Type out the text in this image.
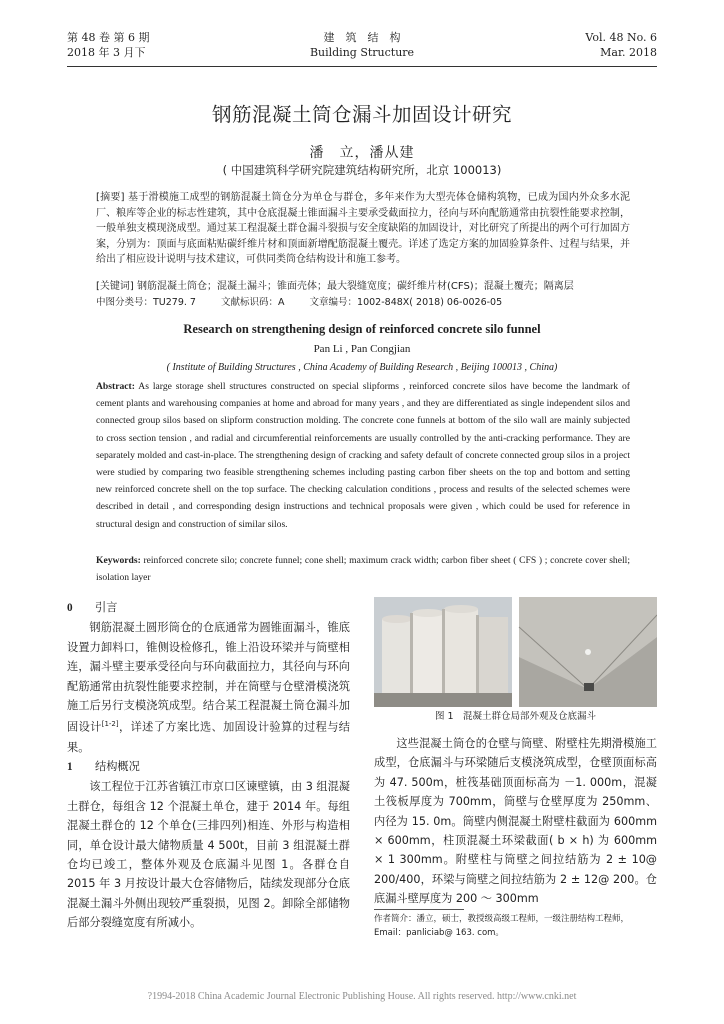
第 48 卷 第 6 期
2018 年 3 月下
建　筑　结　构
Building Structure
Vol. 48 No. 6
Mar. 2018
钢筋混凝土筒仓漏斗加固设计研究
潘　立，潘从建
( 中国建筑科学研究院建筑结构研究所，北京 100013)
[摘要] 基于滑模施工成型的钢筋混凝土筒仓分为单仓与群仓，多年来作为大型壳体仓储构筑物，已成为国内外众多水泥厂、粮库等企业的标志性建筑，其中仓底混凝土锥面漏斗主要承受截面拉力，径向与环向配筋通常由抗裂性能要求控制，一般单独支模现浇成型。通过某工程混凝土群仓漏斗裂损与安全度缺陷的加固设计，对比研究了所提出的两个可行加固方案，分别为：顶面与底面粘贴碳纤维片材和顶面新增配筋混凝土覆壳。详述了选定方案的加固验算条件、过程与结果，并给出了相应设计说明与技术建议，可供同类筒仓结构设计和施工参考。
[关键词] 钢筋混凝土筒仓；混凝土漏斗；锥面壳体；最大裂缝宽度；碳纤维片材(CFS)；混凝土覆壳；隔离层
中图分类号：TU279. 7	文献标识码：A	文章编号：1002-848X( 2018) 06-0026-05
Research on strengthening design of reinforced concrete silo funnel
Pan Li , Pan Congjian
( Institute of Building Structures , China Academy of Building Research , Beijing 100013 , China)
Abstract: As large storage shell structures constructed on special slipforms , reinforced concrete silos have become the landmark of cement plants and warehousing companies at home and abroad for many years , and they are differentiated as single independent silos and connected group silos based on slipform construction molding. The concrete cone funnels at bottom of the silo wall are mainly subjected to cross section tension , and radial and circumferential reinforcements are usually controlled by the anti-cracking performance. They are separately molded and cast-in-place. The strengthening design of cracking and safety default of concrete connected group silos in a project were studied by comparing two feasible strengthening schemes including pasting carbon fiber sheets on the top and bottom and setting new reinforced concrete shell on the top surface. The checking calculation conditions , process and results of the selected schemes were described in detail , and corresponding design instructions and technical proposals were given , which could be used for reference in structural design and construction of similar silos.
Keywords: reinforced concrete silo; concrete funnel; cone shell; maximum crack width; carbon fiber sheet ( CFS ) ; concrete cover shell; isolation layer
0 引言

钢筋混凝土圆形筒仓的仓底通常为圆锥面漏斗，锥底设置力卸料口，锥侧设检修孔，锥上沿设环梁并与筒壁相连，漏斗壁主要承受径向与环向截面拉力，其径向与环向配筋通常由抗裂性能要求控制，并在筒壁与仓壁滑模浇筑施工后另行支模浇筑成型。结合某工程混凝土筒仓漏斗加固设计[1-2]，详述了方案比选、加固设计验算的过程与结果。

1 结构概况

该工程位于江苏省镇江市京口区谏壁镇，由 3 组混凝土群仓，每组含 12 个混凝土单仓，建于 2014 年。每组混凝土群仓的 12 个单仓(三排四列)相连、外形与构造相同，单仓设计最大储物质量 4 500t，目前 3 组混凝土群仓均已竣工，整体外观及仓底漏斗见图 1。各群仓自 2015 年 3 月按设计最大仓容储物后，陆续发现部分仓底混凝土漏斗外侧出现较严重裂损，见图 2。卸除全部储物后部分裂缝宽度有所减小。

图 1　混凝土群仓局部外观及仓底漏斗

这些混凝土筒仓的仓壁与筒壁、附壁柱先期滑模施工成型，仓底漏斗与环梁随后支模浇筑成型，仓壁顶面标高为 47. 500m，桩筏基础顶面标高为 －1. 000m，混凝土筏板厚度为 700mm，筒壁与仓壁厚度为 250mm、内径为 15. 0m。筒壁内侧混凝土附壁柱截面为 600mm × 600mm，柱顶混凝土环梁截面( b × h) 为 600mm × 1 300mm。附壁柱与筒壁之间拉结筋为 2 ± 10@ 200/400，环梁与筒壁之间拉结筋为 2 ± 12@ 200。仓底漏斗壁厚度为 200 ～ 300mm

作者简介：潘立，硕士，教授级高级工程师，一级注册结构工程师，Email：panliciab@ 163. com。
?1994-2018 China Academic Journal Electronic Publishing House. All rights reserved. http://www.cnki.net
